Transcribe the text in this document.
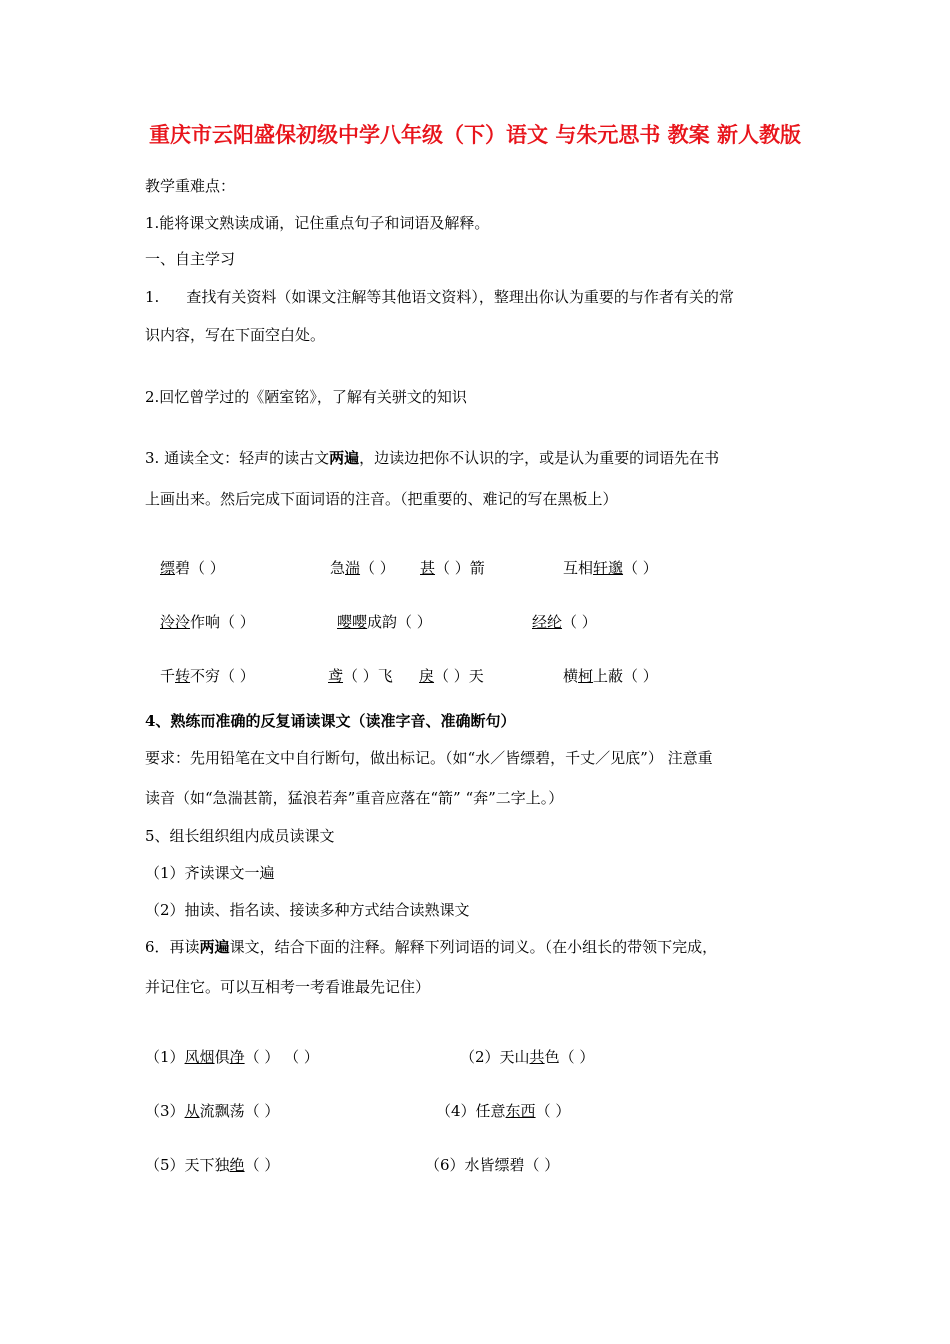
重庆市云阳盛保初级中学八年级（下）语文 与朱元思书 教案 新人教版
教学重难点：
1.能将课文熟读成诵，记住重点句子和词语及解释。
一、自主学习
1. 查找有关资料（如课文注解等其他语文资料），整理出你认为重要的与作者有关的常
识内容，写在下面空白处。
2.回忆曾学过的《陋室铭》，了解有关骈文的知识
3. 通读全文：轻声的读古文两遍，边读边把你不认识的字，或是认为重要的词语先在书
上画出来。然后完成下面词语的注音。（把重要的、难记的写在黑板上）
缥碧（ ）	急湍（ ） 甚（ ）箭	互相轩邈（ ）
泠泠作响（ ）	嘤嘤成韵（ ）	经纶（ ）
千转不穷（ ）	鸢（ ）飞 戾（ ）天	横柯上蔽（ ）
4、熟练而准确的反复诵读课文（读准字音、准确断句）
要求：先用铅笔在文中自行断句，做出标记。（如“水／皆缥碧，千丈／见底”） 注意重
读音（如“急湍甚箭，猛浪若奔”重音应落在“箭” “奔”二字上。）
5、组长组织组内成员读课文
（1）齐读课文一遍
（2）抽读、指名读、接读多种方式结合读熟课文
6．再读两遍课文，结合下面的注释。解释下列词语的词义。（在小组长的带领下完成，
并记住它。可以互相考一考看谁最先记住）
（1）风烟俱净（ ） （ ）	（2）天山共色（ ）
（3）从流飘荡（ ）	（4）任意东西（ ）
（5）天下独绝（ ）	（6）水皆缥碧（ ）
